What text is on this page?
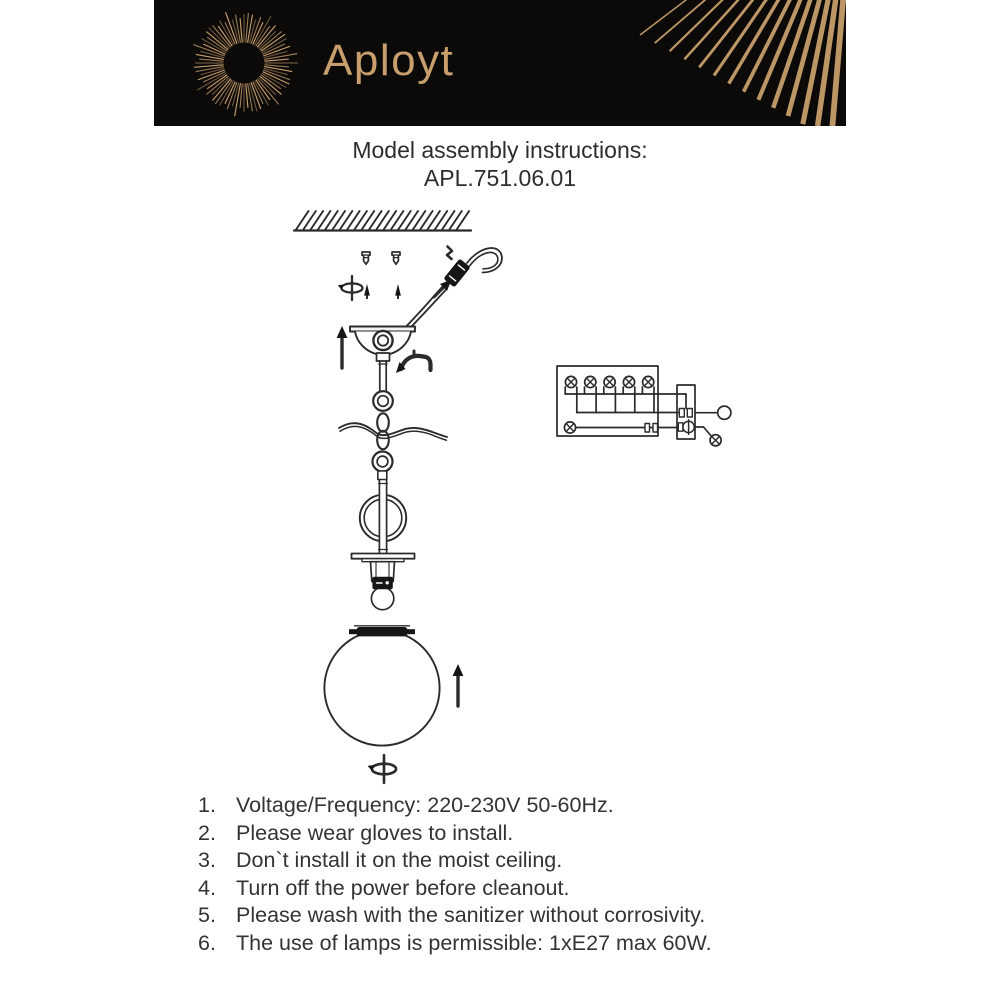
Aployt
Model assembly instructions:
APL.751.06.01
1. Voltage/Frequency: 220-230V 50-60Hz.
2. Please wear gloves to install.
3. Don`t install it on the moist ceiling.
4. Turn off the power before cleanout.
5. Please wash with the sanitizer without corrosivity.
6. The use of lamps is permissible: 1xE27 max 60W.
